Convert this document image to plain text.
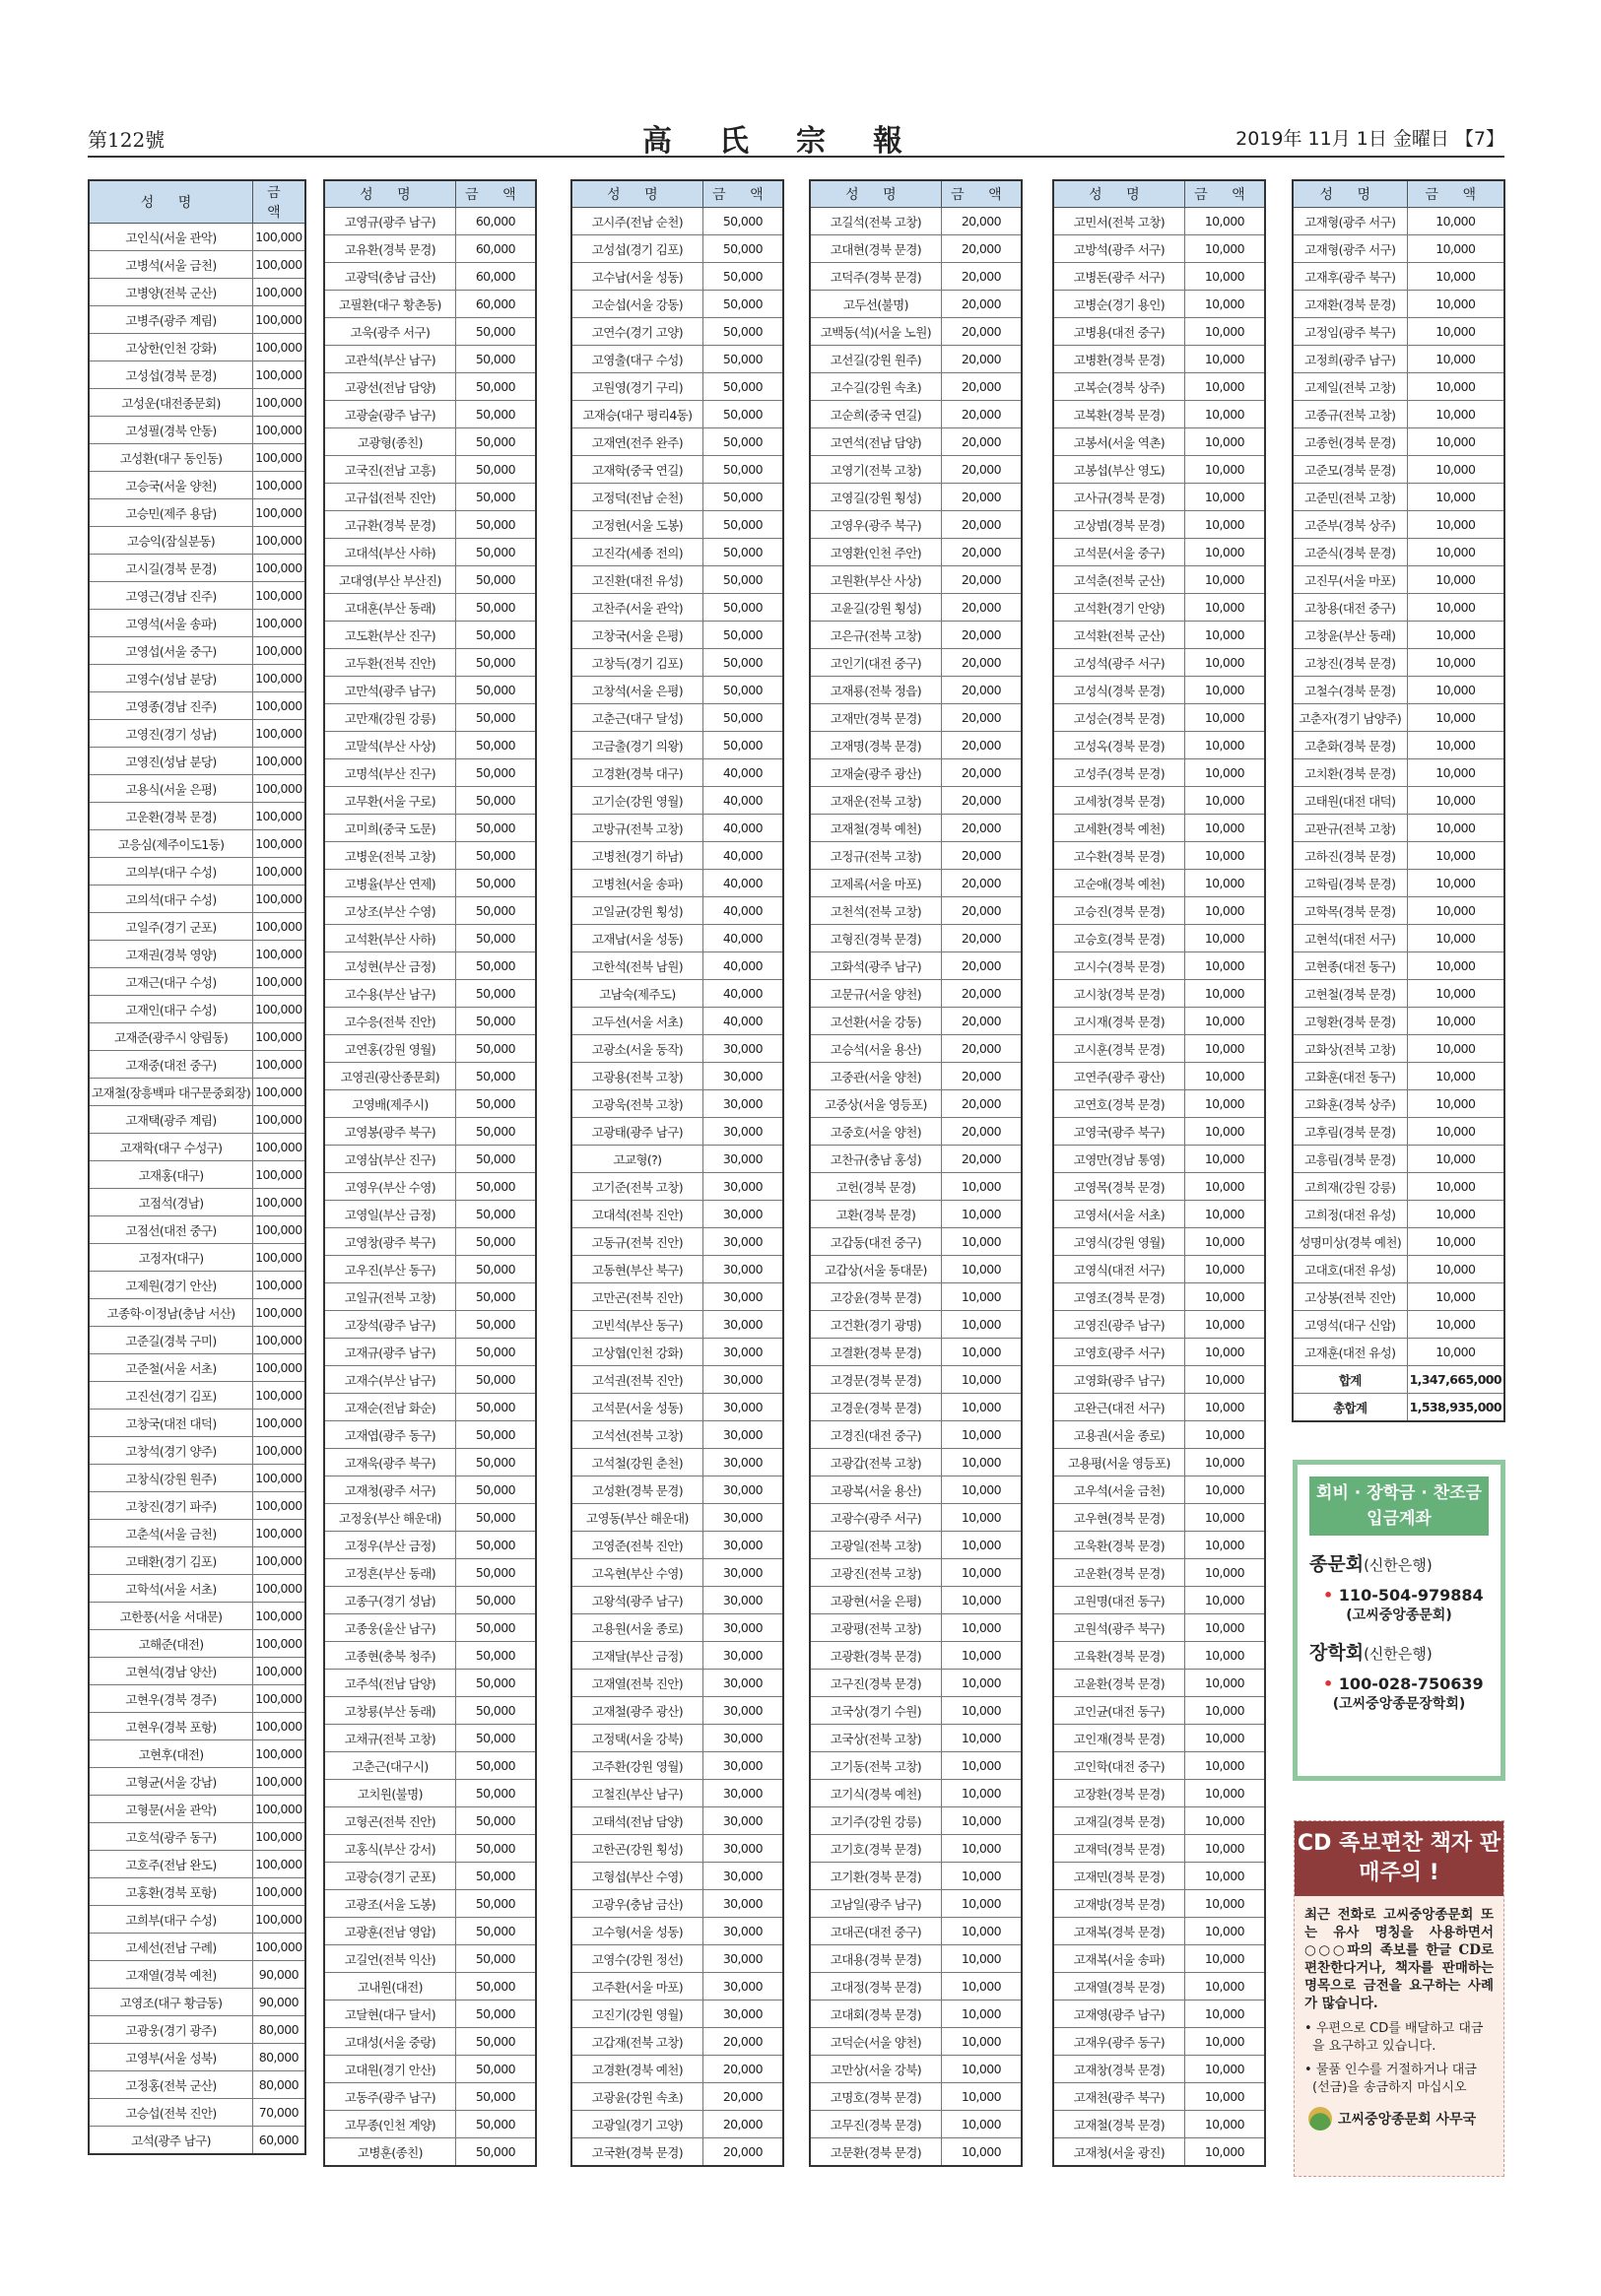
第122號	高氏宗報	2019年 11月 1日 金曜日 【7】
성 명	금 액
고인식(서울 관악)	100,000
고병석(서울 금천)	100,000
고병양(전북 군산)	100,000
고병주(광주 계림)	100,000
고상한(인천 강화)	100,000
고성섭(경북 문경)	100,000
고성운(대전종문회)	100,000
고성필(경북 안동)	100,000
고성환(대구 동인동)	100,000
고승국(서울 양천)	100,000
고승민(제주 용담)	100,000
고승익(잠실분동)	100,000
고시길(경북 문경)	100,000
고영근(경남 진주)	100,000
고영석(서울 송파)	100,000
고영섭(서울 중구)	100,000
고영수(성남 분당)	100,000
고영종(경남 진주)	100,000
고영진(경기 성남)	100,000
고영진(성남 분당)	100,000
고용식(서울 은평)	100,000
고운환(경북 문경)	100,000
고응심(제주이도1동)	100,000
고의부(대구 수성)	100,000
고의석(대구 수성)	100,000
고일주(경기 군포)	100,000
고재권(경북 영양)	100,000
고재근(대구 수성)	100,000
고재인(대구 수성)	100,000
고재준(광주시 양림동)	100,000
고재중(대전 중구)	100,000
고재철(장흥백파 대구문중회장)	100,000
고재택(광주 계림)	100,000
고재학(대구 수성구)	100,000
고재홍(대구)	100,000
고점석(경남)	100,000
고점선(대전 중구)	100,000
고정자(대구)	100,000
고제원(경기 안산)	100,000
고종학·이정남(충남 서산)	100,000
고준길(경북 구미)	100,000
고준철(서울 서초)	100,000
고진선(경기 김포)	100,000
고창국(대전 대덕)	100,000
고창석(경기 양주)	100,000
고창식(강원 원주)	100,000
고창진(경기 파주)	100,000
고춘석(서울 금천)	100,000
고태환(경기 김포)	100,000
고학석(서울 서초)	100,000
고한풍(서울 서대문)	100,000
고해준(대전)	100,000
고현석(경남 양산)	100,000
고현우(경북 경주)	100,000
고현우(경북 포항)	100,000
고현후(대전)	100,000
고형균(서울 강남)	100,000
고형문(서울 관악)	100,000
고호석(광주 동구)	100,000
고호주(전남 완도)	100,000
고홍환(경북 포항)	100,000
고희부(대구 수성)	100,000
고세선(전남 구례)	100,000
고재열(경북 예천)	90,000
고영조(대구 황금동)	90,000
고광웅(경기 광주)	80,000
고영부(서울 성북)	80,000
고정홍(전북 군산)	80,000
고승섭(전북 진안)	70,000
고석(광주 남구)	60,000
성 명	금 액
고영규(광주 남구)	60,000
고유환(경북 문경)	60,000
고광덕(충남 금산)	60,000
고필환(대구 황촌동)	60,000
고욱(광주 서구)	50,000
고관석(부산 남구)	50,000
고광선(전남 담양)	50,000
고광술(광주 남구)	50,000
고광형(종친)	50,000
고국진(전남 고흥)	50,000
고규섭(전북 진안)	50,000
고규환(경북 문경)	50,000
고대석(부산 사하)	50,000
고대영(부산 부산진)	50,000
고대훈(부산 동래)	50,000
고도환(부산 진구)	50,000
고두환(전북 진안)	50,000
고만석(광주 남구)	50,000
고만재(강원 강릉)	50,000
고말석(부산 사상)	50,000
고명석(부산 진구)	50,000
고무환(서울 구로)	50,000
고미희(중국 도문)	50,000
고병운(전북 고창)	50,000
고병율(부산 연제)	50,000
고상조(부산 수영)	50,000
고석환(부산 사하)	50,000
고성현(부산 금정)	50,000
고수용(부산 남구)	50,000
고수응(전북 진안)	50,000
고연홍(강원 영월)	50,000
고영권(광산종문회)	50,000
고영배(제주시)	50,000
고영봉(광주 북구)	50,000
고영삼(부산 진구)	50,000
고영우(부산 수영)	50,000
고영일(부산 금정)	50,000
고영창(광주 북구)	50,000
고우진(부산 동구)	50,000
고일규(전북 고창)	50,000
고장석(광주 남구)	50,000
고재규(광주 남구)	50,000
고재수(부산 남구)	50,000
고재순(전남 화순)	50,000
고재엽(광주 동구)	50,000
고재욱(광주 북구)	50,000
고재청(광주 서구)	50,000
고정웅(부산 해운대)	50,000
고정우(부산 금정)	50,000
고정흔(부산 동래)	50,000
고종구(경기 성남)	50,000
고종웅(울산 남구)	50,000
고종현(충북 청주)	50,000
고주석(전남 담양)	50,000
고창룡(부산 동래)	50,000
고채규(전북 고창)	50,000
고춘근(대구시)	50,000
고치원(불명)	50,000
고형곤(전북 진안)	50,000
고홍식(부산 강서)	50,000
고광승(경기 군포)	50,000
고광조(서울 도봉)	50,000
고광훈(전남 영암)	50,000
고길언(전북 익산)	50,000
고내원(대전)	50,000
고달현(대구 달서)	50,000
고대성(서울 중랑)	50,000
고대원(경기 안산)	50,000
고동주(광주 남구)	50,000
고무종(인천 계양)	50,000
고병훈(종친)	50,000
성 명	금 액
고시주(전남 순천)	50,000
고성섭(경기 김포)	50,000
고수남(서울 성동)	50,000
고순섭(서울 강동)	50,000
고연수(경기 고양)	50,000
고영출(대구 수성)	50,000
고원영(경기 구리)	50,000
고재승(대구 평리4동)	50,000
고재연(전주 완주)	50,000
고재학(중국 연길)	50,000
고정덕(전남 순천)	50,000
고정헌(서울 도봉)	50,000
고진각(세종 전의)	50,000
고진환(대전 유성)	50,000
고찬주(서울 관악)	50,000
고창국(서울 은평)	50,000
고창득(경기 김포)	50,000
고창석(서울 은평)	50,000
고춘근(대구 달성)	50,000
고금출(경기 의왕)	50,000
고경환(경북 대구)	40,000
고기순(강원 영월)	40,000
고방규(전북 고창)	40,000
고병천(경기 하남)	40,000
고병천(서울 송파)	40,000
고일균(강원 횡성)	40,000
고재남(서울 성동)	40,000
고한석(전북 남원)	40,000
고남숙(제주도)	40,000
고두선(서울 서초)	40,000
고광소(서울 동작)	30,000
고광용(전북 고창)	30,000
고광욱(전북 고창)	30,000
고광태(광주 남구)	30,000
고교형(?)	30,000
고기준(전북 고창)	30,000
고대석(전북 진안)	30,000
고동규(전북 진안)	30,000
고동현(부산 북구)	30,000
고만곤(전북 진안)	30,000
고빈석(부산 동구)	30,000
고상협(인천 강화)	30,000
고석권(전북 진안)	30,000
고석문(서울 성동)	30,000
고석선(전북 고창)	30,000
고석철(강원 춘천)	30,000
고성환(경북 문경)	30,000
고영동(부산 해운대)	30,000
고영준(전북 진안)	30,000
고옥현(부산 수영)	30,000
고왕석(광주 남구)	30,000
고용원(서울 종로)	30,000
고재달(부산 금정)	30,000
고재열(전북 진안)	30,000
고재철(광주 광산)	30,000
고정택(서울 강북)	30,000
고주환(강원 영월)	30,000
고철진(부산 남구)	30,000
고태석(전남 담양)	30,000
고한곤(강원 횡성)	30,000
고형섭(부산 수영)	30,000
고광우(충남 금산)	30,000
고수형(서울 성동)	30,000
고영수(강원 정선)	30,000
고주환(서울 마포)	30,000
고진기(강원 영월)	30,000
고갑재(전북 고창)	20,000
고경환(경북 예천)	20,000
고광윤(강원 속초)	20,000
고광일(경기 고양)	20,000
고국환(경북 문경)	20,000
성 명	금 액
고길석(전북 고창)	20,000
고대현(경북 문경)	20,000
고덕주(경북 문경)	20,000
고두선(불명)	20,000
고백동(석)(서울 노원)	20,000
고선길(강원 원주)	20,000
고수길(강원 속초)	20,000
고순희(중국 연길)	20,000
고연석(전남 담양)	20,000
고영기(전북 고창)	20,000
고영길(강원 횡성)	20,000
고영우(광주 북구)	20,000
고영환(인천 주안)	20,000
고원환(부산 사상)	20,000
고윤길(강원 횡성)	20,000
고은규(전북 고창)	20,000
고인기(대전 중구)	20,000
고재룡(전북 정읍)	20,000
고재만(경북 문경)	20,000
고재명(경북 문경)	20,000
고재술(광주 광산)	20,000
고재운(전북 고창)	20,000
고재철(경북 예천)	20,000
고정규(전북 고창)	20,000
고제록(서울 마포)	20,000
고천석(전북 고창)	20,000
고형진(경북 문경)	20,000
고화석(광주 남구)	20,000
고문규(서울 양천)	20,000
고선환(서울 강동)	20,000
고승석(서울 용산)	20,000
고중관(서울 양천)	20,000
고중상(서울 영등포)	20,000
고중호(서울 양천)	20,000
고찬규(충남 홍성)	20,000
고헌(경북 문경)	10,000
고환(경북 문경)	10,000
고갑동(대전 중구)	10,000
고갑상(서울 동대문)	10,000
고강윤(경북 문경)	10,000
고건환(경기 광명)	10,000
고결환(경북 문경)	10,000
고경문(경북 문경)	10,000
고경운(경북 문경)	10,000
고경진(대전 중구)	10,000
고광갑(전북 고창)	10,000
고광복(서울 용산)	10,000
고광수(광주 서구)	10,000
고광일(전북 고창)	10,000
고광진(전북 고창)	10,000
고광현(서울 은평)	10,000
고광평(전북 고창)	10,000
고광환(경북 문경)	10,000
고구진(경북 문경)	10,000
고국상(경기 수원)	10,000
고국상(전북 고창)	10,000
고기동(전북 고창)	10,000
고기식(경북 예천)	10,000
고기주(강원 강릉)	10,000
고기호(경북 문경)	10,000
고기환(경북 문경)	10,000
고남일(광주 남구)	10,000
고대곤(대전 중구)	10,000
고대용(경북 문경)	10,000
고대정(경북 문경)	10,000
고대회(경북 문경)	10,000
고덕순(서울 양천)	10,000
고만상(서울 강북)	10,000
고명호(경북 문경)	10,000
고무진(경북 문경)	10,000
고문환(경북 문경)	10,000
성 명	금 액
고민서(전북 고창)	10,000
고방석(광주 서구)	10,000
고병돈(광주 서구)	10,000
고병순(경기 용인)	10,000
고병용(대전 중구)	10,000
고병환(경북 문경)	10,000
고복순(경북 상주)	10,000
고복환(경북 문경)	10,000
고봉서(서울 역촌)	10,000
고봉섭(부산 영도)	10,000
고사규(경북 문경)	10,000
고상범(경북 문경)	10,000
고석문(서울 중구)	10,000
고석춘(전북 군산)	10,000
고석환(경기 안양)	10,000
고석환(전북 군산)	10,000
고성석(광주 서구)	10,000
고성식(경북 문경)	10,000
고성순(경북 문경)	10,000
고성옥(경북 문경)	10,000
고성주(경북 문경)	10,000
고세창(경북 문경)	10,000
고세환(경북 예천)	10,000
고수환(경북 문경)	10,000
고순애(경북 예천)	10,000
고승진(경북 문경)	10,000
고승호(경북 문경)	10,000
고시수(경북 문경)	10,000
고시창(경북 문경)	10,000
고시재(경북 문경)	10,000
고시훈(경북 문경)	10,000
고연주(광주 광산)	10,000
고연호(경북 문경)	10,000
고영국(광주 북구)	10,000
고영만(경남 통영)	10,000
고영목(경북 문경)	10,000
고영서(서울 서초)	10,000
고영식(강원 영월)	10,000
고영식(대전 서구)	10,000
고영조(경북 문경)	10,000
고영진(광주 남구)	10,000
고영호(광주 서구)	10,000
고영화(광주 남구)	10,000
고완근(대전 서구)	10,000
고용권(서울 종로)	10,000
고용평(서울 영등포)	10,000
고우석(서울 금천)	10,000
고우현(경북 문경)	10,000
고욱환(경북 문경)	10,000
고운환(경북 문경)	10,000
고원명(대전 동구)	10,000
고원석(광주 북구)	10,000
고육환(경북 문경)	10,000
고윤환(경북 문경)	10,000
고인균(대전 동구)	10,000
고인재(경북 문경)	10,000
고인학(대전 중구)	10,000
고장환(경북 문경)	10,000
고재길(경북 문경)	10,000
고재덕(경북 문경)	10,000
고재민(경북 문경)	10,000
고재방(경북 문경)	10,000
고재복(경북 문경)	10,000
고재복(서울 송파)	10,000
고재열(경북 문경)	10,000
고재영(광주 남구)	10,000
고재우(광주 동구)	10,000
고재창(경북 문경)	10,000
고재천(광주 북구)	10,000
고재철(경북 문경)	10,000
고재청(서울 광진)	10,000
성 명	금 액
고재형(광주 서구)	10,000
고재형(광주 서구)	10,000
고재후(광주 북구)	10,000
고재환(경북 문경)	10,000
고정임(광주 북구)	10,000
고정희(광주 남구)	10,000
고제일(전북 고창)	10,000
고종규(전북 고창)	10,000
고종헌(경북 문경)	10,000
고준모(경북 문경)	10,000
고준민(전북 고창)	10,000
고준부(경북 상주)	10,000
고준식(경북 문경)	10,000
고진무(서울 마포)	10,000
고창용(대전 중구)	10,000
고창윤(부산 동래)	10,000
고창진(경북 문경)	10,000
고철수(경북 문경)	10,000
고춘자(경기 남양주)	10,000
고춘화(경북 문경)	10,000
고치환(경북 문경)	10,000
고태원(대전 대덕)	10,000
고판규(전북 고창)	10,000
고하진(경북 문경)	10,000
고학림(경북 문경)	10,000
고학목(경북 문경)	10,000
고현석(대전 서구)	10,000
고현종(대전 동구)	10,000
고현철(경북 문경)	10,000
고형환(경북 문경)	10,000
고화상(전북 고창)	10,000
고화훈(대전 동구)	10,000
고화훈(경북 상주)	10,000
고후림(경북 문경)	10,000
고흥림(경북 문경)	10,000
고희재(강원 강릉)	10,000
고희정(대전 유성)	10,000
성명미상(경북 예천)	10,000
고대호(대전 유성)	10,000
고상봉(전북 진안)	10,000
고영석(대구 신암)	10,000
고재훈(대전 유성)	10,000
합계	1,347,665,000
총합계	1,538,935,000
회비 · 장학금 · 찬조금 입금계좌
종문회(신한은행)
• 110-504-979884
(고씨중앙종문회)
장학회(신한은행)
• 100-028-750639
(고씨중앙종문장학회)
CD 족보편찬 책자 판매주의 !
최근 전화로 고씨중앙종문회 또는 유사 명칭을 사용하면서 ○○○파의 족보를 한글 CD로 편찬한다거나, 책자를 판매하는 명목으로 금전을 요구하는 사례가 많습니다.
• 우편으로 CD를 배달하고 대금을 요구하고 있습니다.
• 물품 인수를 거절하거나 대금(선금)을 송금하지 마십시오
고씨중앙종문회 사무국
